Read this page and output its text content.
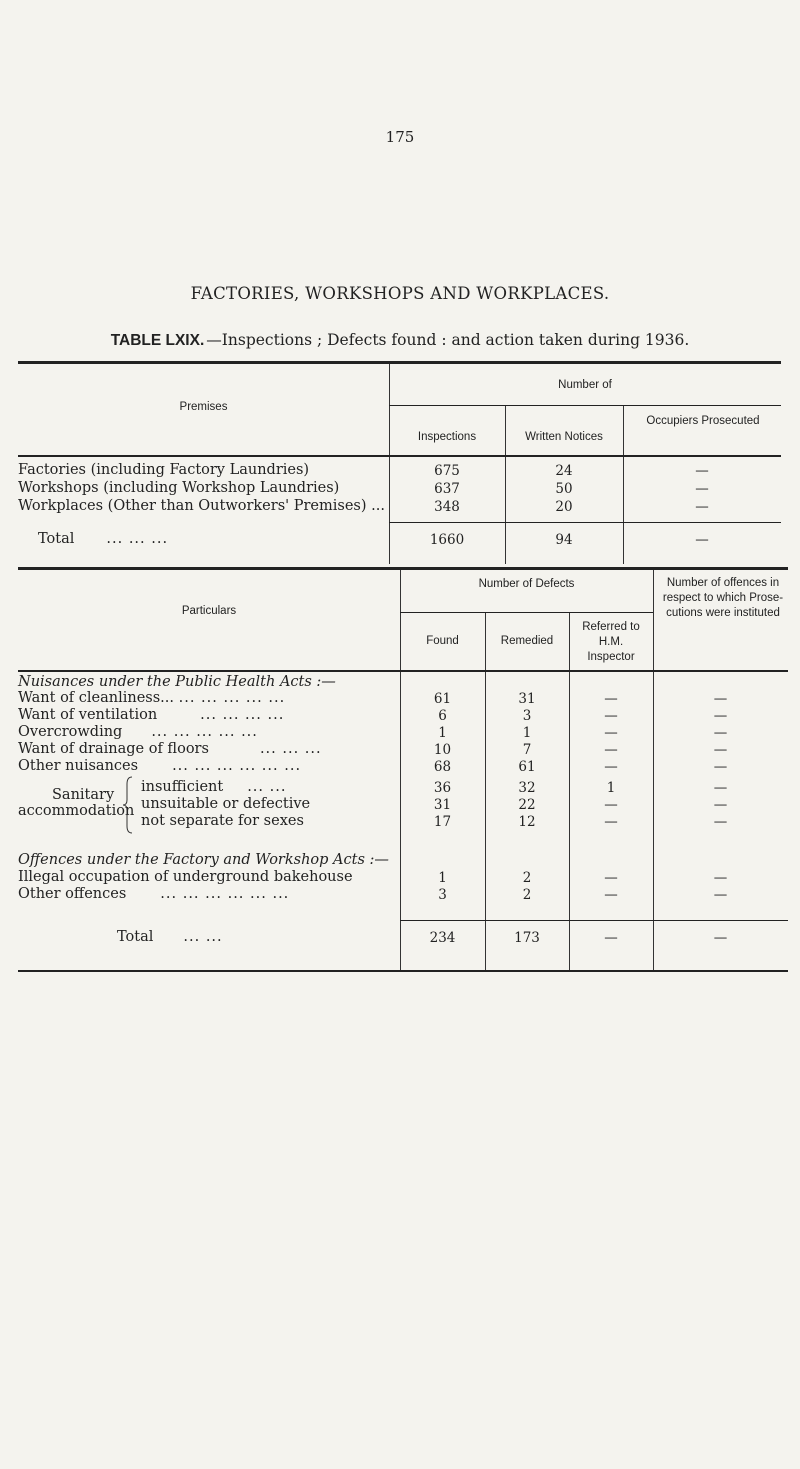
175
FACTORIES, WORKSHOPS AND WORKPLACES.
TABLE LXIX. —Inspections ; Defects found : and action taken during 1936.
Premises
Number of
Inspections	Written Notices
Occupiers Prosecuted
Factories (including Factory Laundries)	675	24	—
Workshops (including Workshop Laundries)	637	50	—
Workplaces (Other than Outworkers' Premises) ...	348	20	—
Total ... ... ...	1660	94	—
Particulars
Number of Defects
Found	Remedied
Referred to H.M. Inspector
Number of offences in respect to which Prose-cutions were instituted
Nuisances under the Public Health Acts :—
Want of cleanliness... ... ... ... ... ...	61	31	—	—
Want of ventilation	... ... ... ...	6	3	—	—
Overcrowding ... ... ... ... ...	1	1	—	—
Want of drainage of floors	... ... ...	10	7	—	—
Other nuisances ... ... ... ... ... ...	68	61	—	—
Sanitary
accommodation
insufficient ... ...	36	32	1	—
unsuitable or defective	31	22	—	—
not separate for sexes	17	12	—	—
Offences under the Factory and Workshop Acts :—
Illegal occupation of underground bakehouse	1	2	—	—
Other offences ... ... ... ... ... ...	3	2	—	—
Total ... ...	234	173	—	—
